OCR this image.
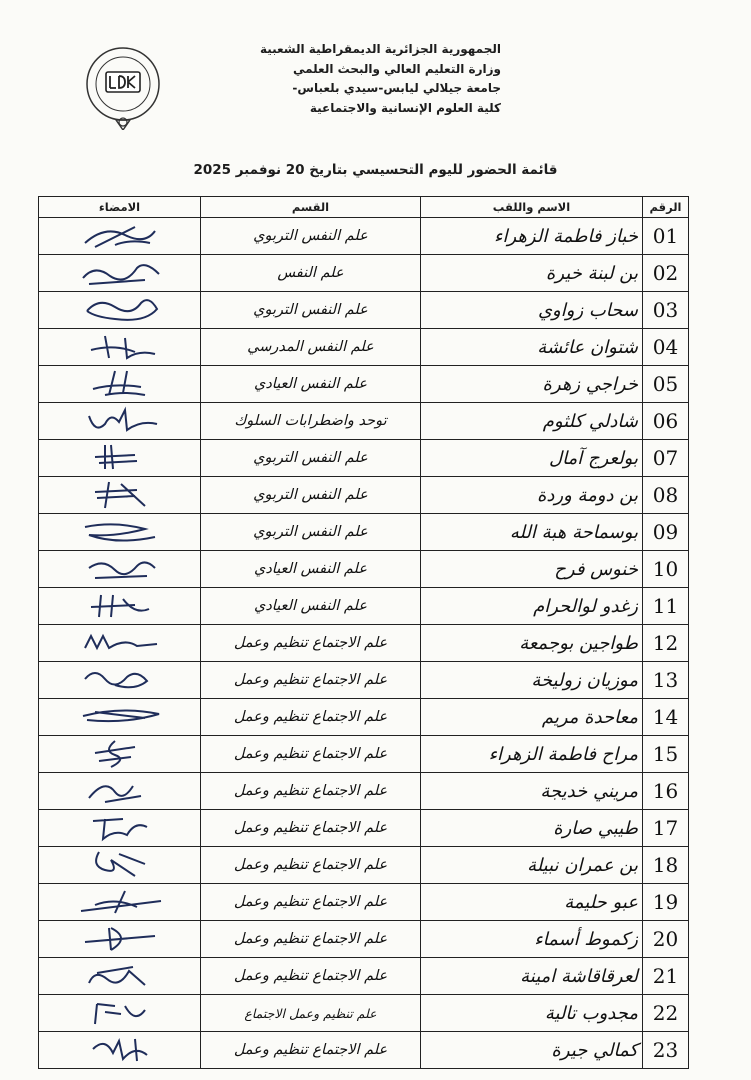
الجمهورية الجزائرية الديمقراطية الشعبية
وزارة التعليم العالي والبحث العلمي
جامعة جيلالي ليابس-سيدي بلعباس-
كلية العلوم الإنسانية والاجتماعية
قائمة الحضور لليوم التحسيسي بتاريخ 20 نوفمبر 2025
الرقم	الاسم واللقب	القسم	الامضاء
01	خباز فاطمة الزهراء	علم النفس التربوي	

02	بن لبنة خيرة	علم النفس	

03	سحاب زواوي	علم النفس التربوي	

04	شتوان عائشة	علم النفس المدرسي	

05	خراجي زهرة	علم النفس العيادي	

06	شادلي كلثوم	توحد واضطرابات السلوك	

07	بولعرج آمال	علم النفس التربوي	

08	بن دومة وردة	علم النفس التربوي	

09	بوسماحة هبة الله	علم النفس التربوي	

10	خنوس فرح	علم النفس العيادي	

11	زغدو لوالحرام	علم النفس العيادي	

12	طواجين بوجمعة	علم الاجتماع تنظيم وعمل	

13	موزيان زوليخة	علم الاجتماع تنظيم وعمل	

14	معاحدة مريم	علم الاجتماع تنظيم وعمل	

15	مراح فاطمة الزهراء	علم الاجتماع تنظيم وعمل	

16	مريني خديجة	علم الاجتماع تنظيم وعمل	

17	طيبي صارة	علم الاجتماع تنظيم وعمل	

18	بن عمران نبيلة	علم الاجتماع تنظيم وعمل	

19	عبو حليمة	علم الاجتماع تنظيم وعمل	

20	زكموط أسماء	علم الاجتماع تنظيم وعمل	

21	لعرقاقاشة امينة	علم الاجتماع تنظيم وعمل	

22	مجدوب تالية	علم تنظيم وعمل الاجتماع	

23	كمالي جيرة	علم الاجتماع تنظيم وعمل	
